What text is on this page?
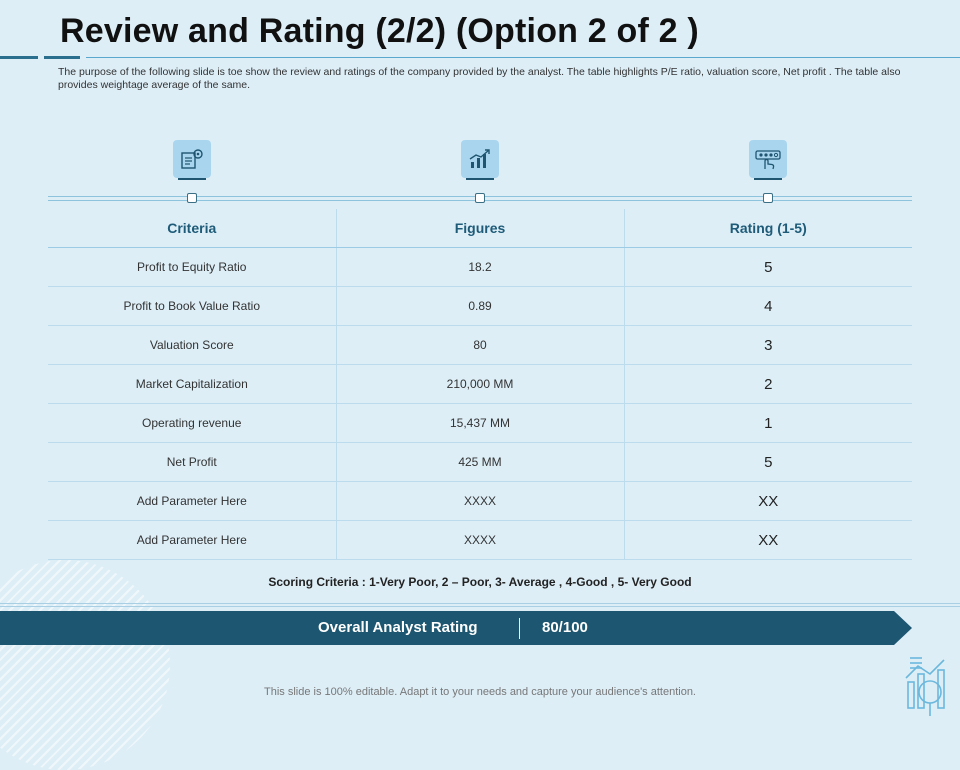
Review and Rating (2/2) (Option 2 of 2 )

The purpose of the following slide is toe show the review and ratings of the company provided by the analyst. The table highlights P/E ratio, valuation score, Net profit . The table also provides weightage average of the same.

Criteria	Figures	Rating (1-5)
Profit to Equity Ratio	18.2	5
Profit to Book Value Ratio	0.89	4
Valuation Score	80	3
Market Capitalization	210,000 MM	2
Operating revenue	15,437 MM	1
Net Profit	425 MM	5
Add Parameter Here	XXXX	XX
Add Parameter Here	XXXX	XX

Scoring Criteria : 1-Very Poor, 2 – Poor, 3- Average , 4-Good , 5- Very Good

Overall Analyst Rating	80/100

This slide is 100% editable. Adapt it to your needs and capture your audience's attention.
